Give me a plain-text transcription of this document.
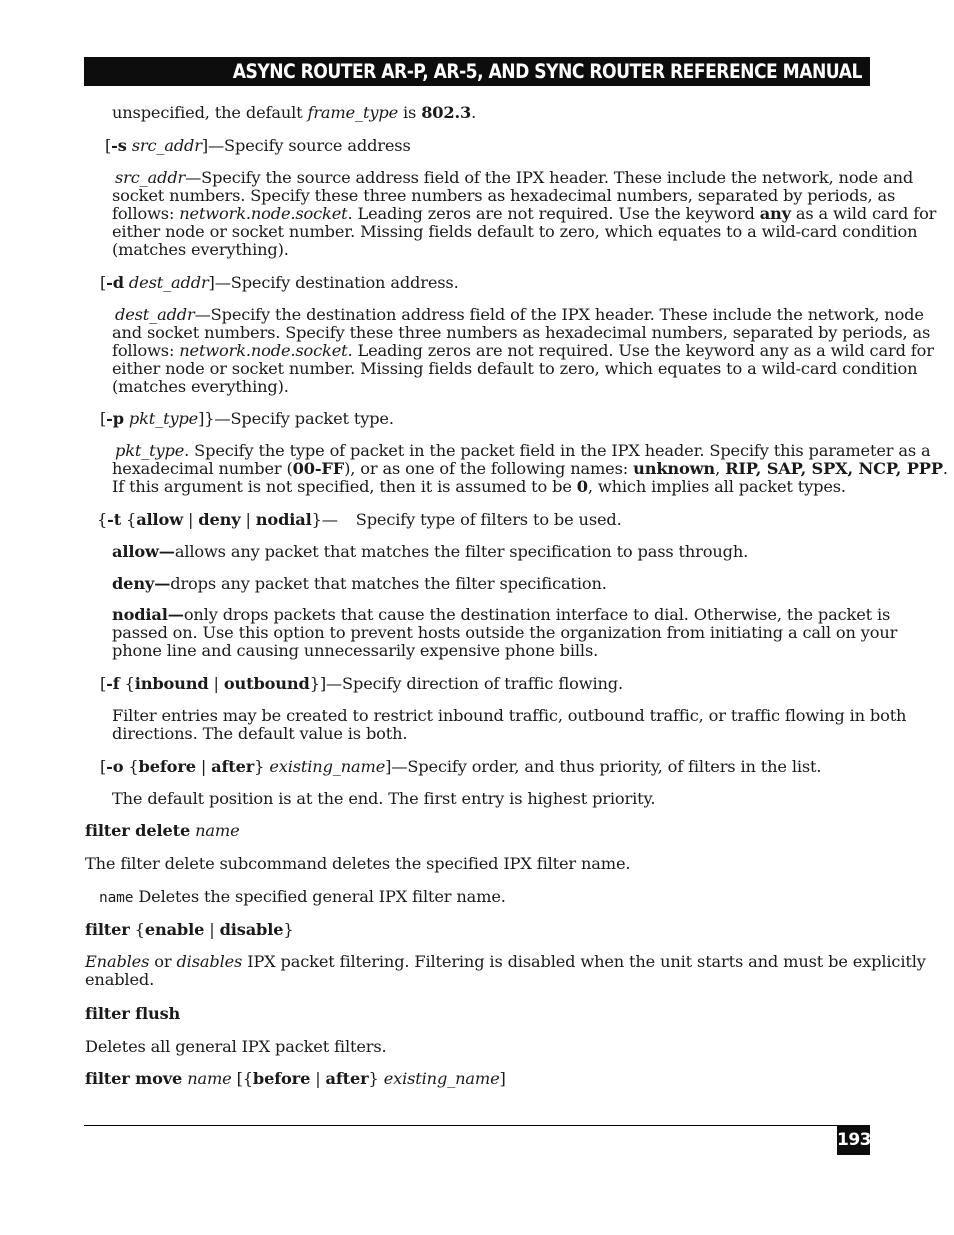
ASYNC ROUTER AR-P, AR-5, AND SYNC ROUTER REFERENCE MANUAL
unspecified, the default frame_type is 802.3.
[-s src_addr]—Specify source address
src_addr—Specify the source address field of the IPX header. These include the network, node and
socket numbers. Specify these three numbers as hexadecimal numbers, separated by periods, as
follows: network.node.socket. Leading zeros are not required. Use the keyword any as a wild card for
either node or socket number. Missing fields default to zero, which equates to a wild-card condition
(matches everything).
[-d dest_addr]—Specify destination address.
dest_addr—Specify the destination address field of the IPX header. These include the network, node
and socket numbers. Specify these three numbers as hexadecimal numbers, separated by periods, as
follows: network.node.socket. Leading zeros are not required. Use the keyword any as a wild card for
either node or socket number. Missing fields default to zero, which equates to a wild-card condition
(matches everything).
[-p pkt_type]}—Specify packet type.
pkt_type. Specify the type of packet in the packet field in the IPX header. Specify this parameter as a
hexadecimal number (00-FF), or as one of the following names: unknown, RIP, SAP, SPX, NCP, PPP.
If this argument is not specified, then it is assumed to be 0, which implies all packet types.
{-t {allow | deny | nodial}— Specify type of filters to be used.
allow—allows any packet that matches the filter specification to pass through.
deny—drops any packet that matches the filter specification.
nodial—only drops packets that cause the destination interface to dial. Otherwise, the packet is
passed on. Use this option to prevent hosts outside the organization from initiating a call on your
phone line and causing unnecessarily expensive phone bills.
[-f {inbound | outbound}]—Specify direction of traffic flowing.
Filter entries may be created to restrict inbound traffic, outbound traffic, or traffic flowing in both
directions. The default value is both.
[-o {before | after} existing_name]—Specify order, and thus priority, of filters in the list.
The default position is at the end. The first entry is highest priority.
filter delete name
The filter delete subcommand deletes the specified IPX filter name.
name Deletes the specified general IPX filter name.
filter {enable | disable}
Enables or disables IPX packet filtering. Filtering is disabled when the unit starts and must be explicitly
enabled.
filter flush
Deletes all general IPX packet filters.
filter move name [{before | after} existing_name]
193
